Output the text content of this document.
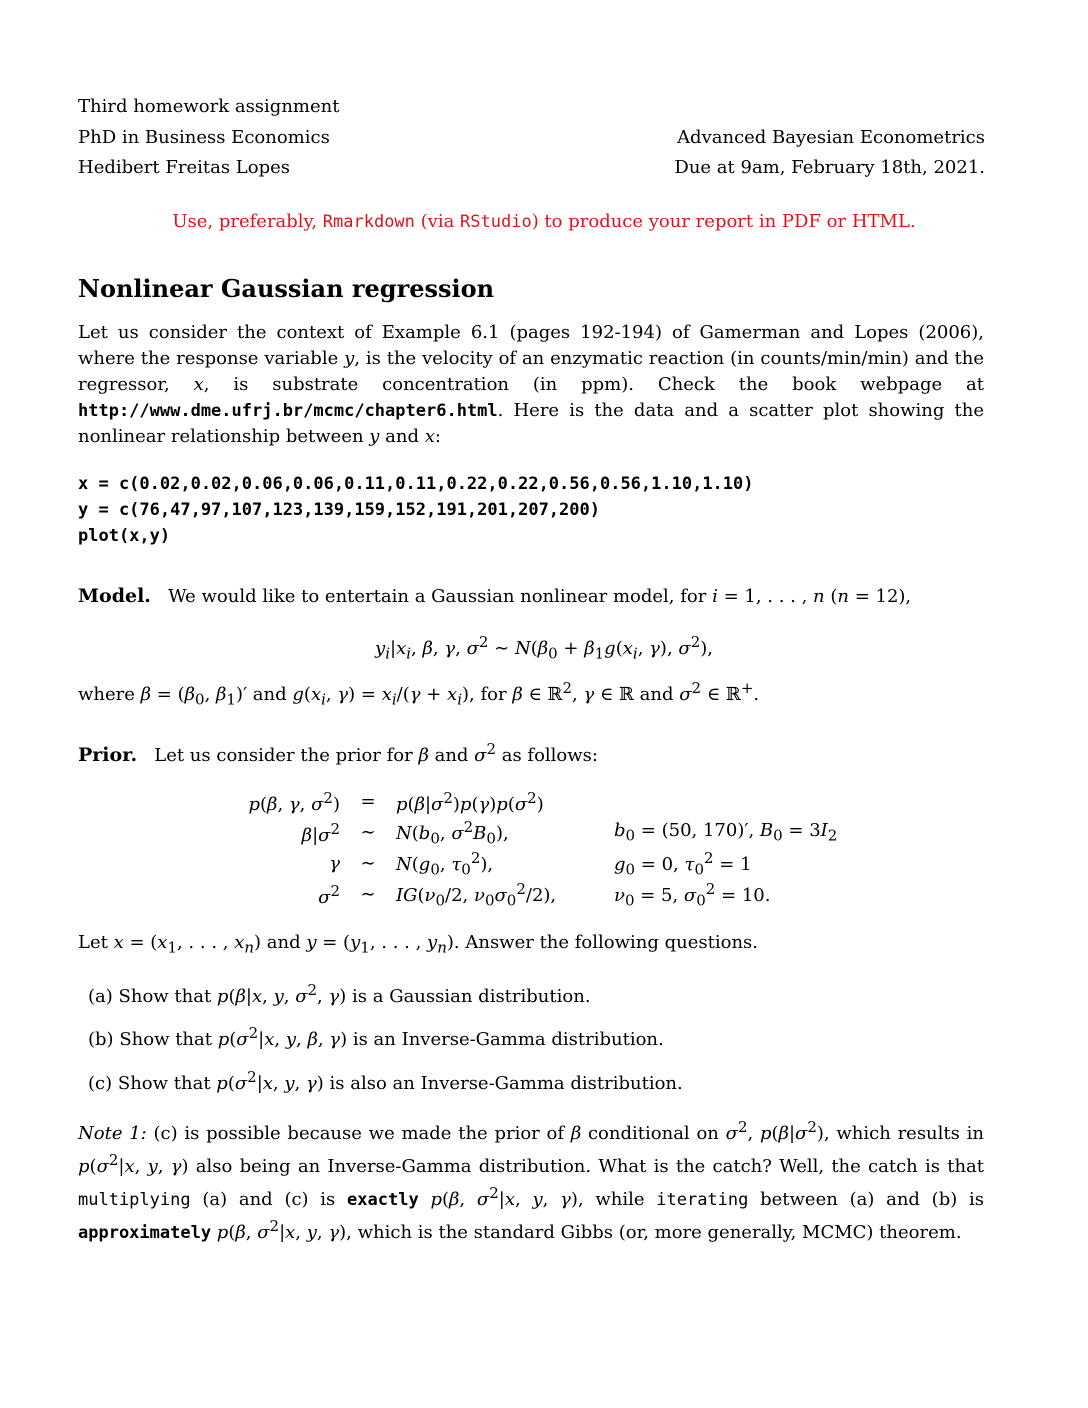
Third homework assignment
PhD in Business Economics
Hedibert Freitas Lopes
Advanced Bayesian Econometrics
Due at 9am, February 18th, 2021.
Use, preferably, Rmarkdown (via RStudio) to produce your report in PDF or HTML.
Nonlinear Gaussian regression
Let us consider the context of Example 6.1 (pages 192-194) of Gamerman and Lopes (2006), where the response variable y, is the velocity of an enzymatic reaction (in counts/min/min) and the regressor, x, is substrate concentration (in ppm). Check the book webpage at http://www.dme.ufrj.br/mcmc/chapter6.html. Here is the data and a scatter plot showing the nonlinear relationship between y and x:
x = c(0.02,0.02,0.06,0.06,0.11,0.11,0.22,0.22,0.56,0.56,1.10,1.10)
y = c(76,47,97,107,123,139,159,152,191,201,207,200)
plot(x,y)
Model. We would like to entertain a Gaussian nonlinear model, for i = 1, . . . , n (n = 12),
$y_i|x_i$, β, γ, $\sigma^2$ ∼ $N(\beta_0 + \beta_1g(x_i$, γ), $\sigma^2$),
where $\beta = (\beta_0$, $\beta_1)'$ and $g(x_i$, $\gamma) = x_i/(\gamma + x_i)$, for β ∈ ℝ$^2$, γ ∈ ℝ and $\sigma^2$ ∈ ℝ+.
Prior. Let us consider the prior for β and $\sigma^2$ as follows:
p(β, γ, $\sigma^2$)	=	$p(\beta|\sigma^2)p(\gamma)p(\sigma^2)$	
$\beta|\sigma^2$	∼	$N(b_0$, $\sigma^2B_0$),	$b_0 = (50$, 170)′, $B_0 = 3I_2$
γ	∼	$N(g_0$, $\tau_0^2$),	$g_0 = 0$, $\tau_0^2 = 1$
$\sigma^2$	∼	$IG(\nu_0/2$, $\nu_0\sigma_0^2/2$),	$\nu_0 = 5$, $\sigma_0^2 = 10$.
Let $x = (x_1$, . . . , $x_n$) and $y = (y_1$, . . . , $y_n$). Answer the following questions.
(a) Show that p(β|x, y, $\sigma^2$, γ) is a Gaussian distribution.
(b) Show that $p(\sigma^2|x$, y, β, γ) is an Inverse-Gamma distribution.
(c) Show that $p(\sigma^2|x$, y, γ) is also an Inverse-Gamma distribution.
Note 1: (c) is possible because we made the prior of β conditional on $\sigma^2$, $p(\beta|\sigma^2)$, which results in $p(\sigma^2|x$, y, γ) also being an Inverse-Gamma distribution. What is the catch? Well, the catch is that multiplying (a) and (c) is exactly p(β, $\sigma^2|x$, y, γ), while iterating between (a) and (b) is approximately p(β, $\sigma^2|x$, y, γ), which is the standard Gibbs (or, more generally, MCMC) theorem.
